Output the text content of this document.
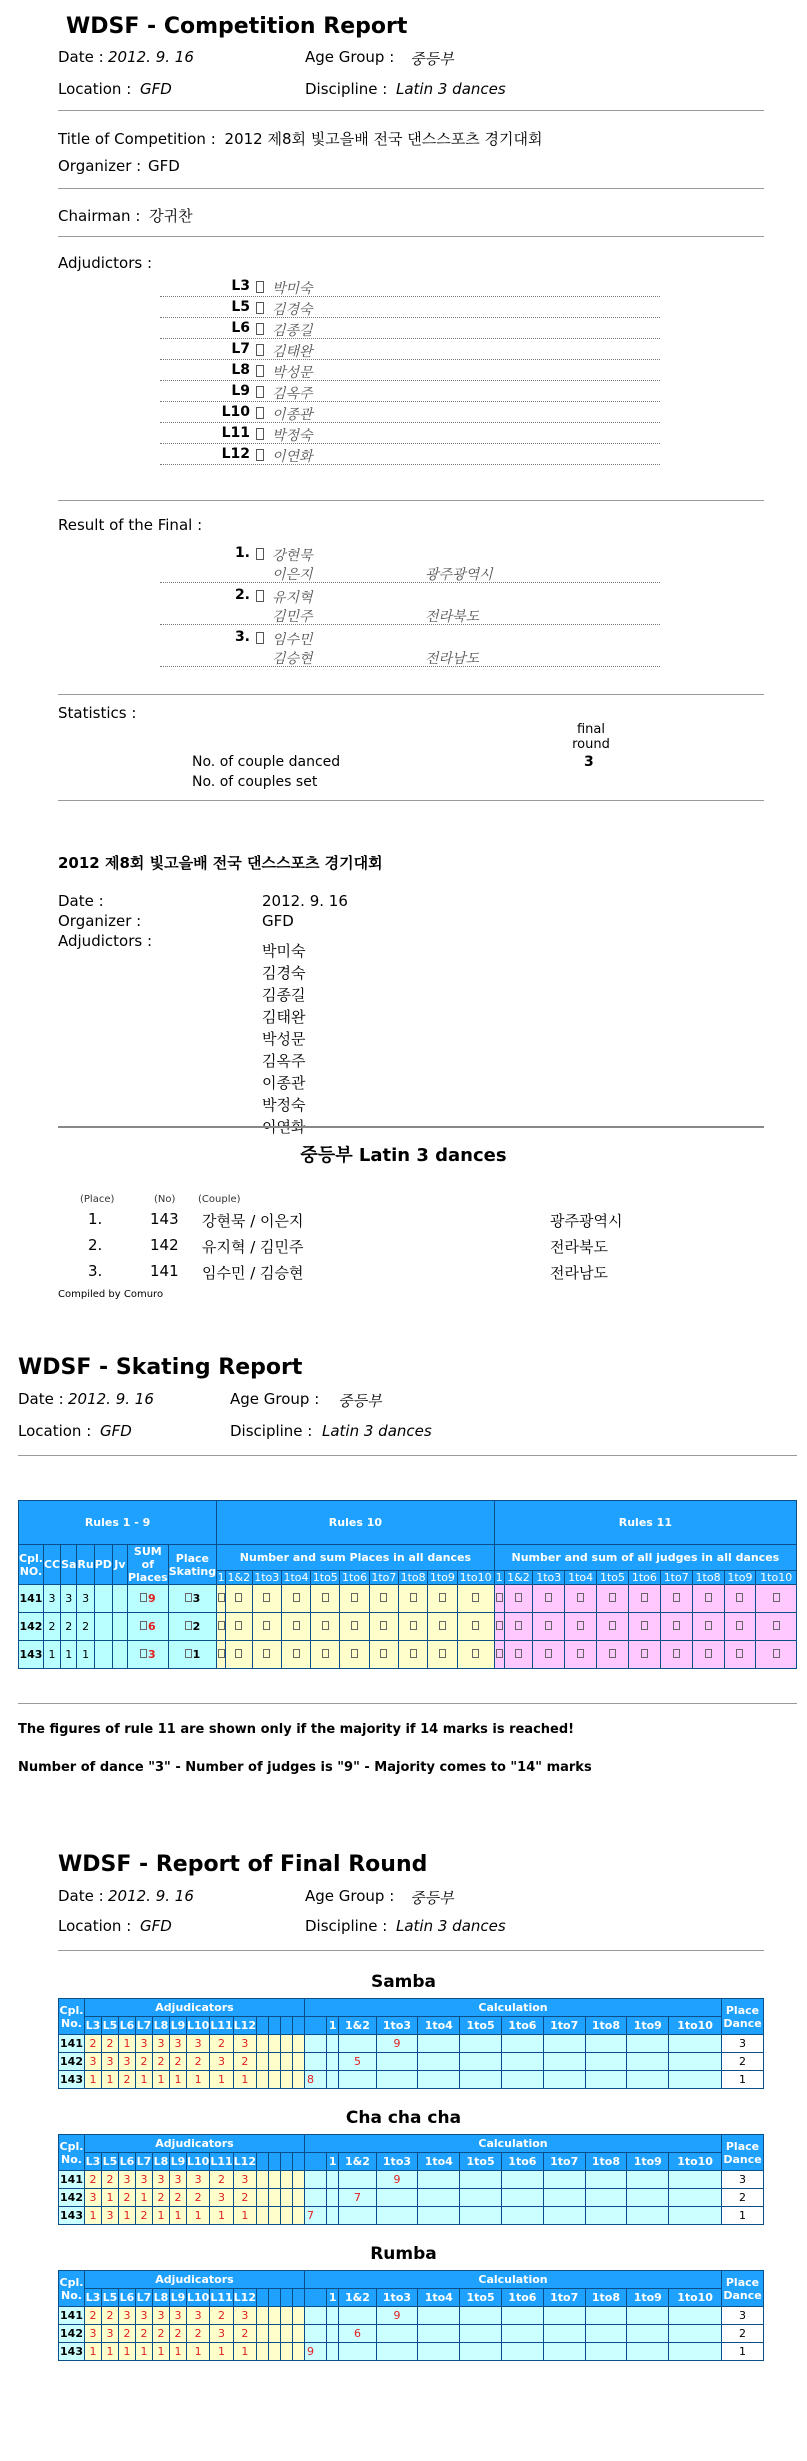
WDSF - Competition Report
Date : 2012. 9. 16	Age Group : 중등부
Location : GFD	Discipline : Latin 3 dances
Title of Competition : 2012 제8회 빛고을배 전국 댄스스포츠 경기대회
Organizer : GFD
Chairman : 강귀찬
Adjudictors :
L3 박미숙
L5 김경숙
L6 김종길
L7 김태완
L8 박성문
L9 김옥주
L10 이종관
L11 박정숙
L12 이연화
Result of the Final :
1. 강현묵
이은지	광주광역시
2. 유지혁
김민주	전라북도
3. 임수민
김승현	전라남도
Statistics :
final round
No. of couple danced	3
No. of couples set
2012 제8회 빛고을배 전국 댄스스포츠 경기대회
Date :	2012. 9. 16
Organizer :	GFD
Adjudictors :
박미숙
김경숙
김종길
김태완
박성문
김옥주
이종관
박정숙
이연화
중등부 Latin 3 dances
(Place)	(No) (Couple)
1.	143 강현묵 / 이은지	광주광역시
2.	142 유지혁 / 김민주	전라북도
3.	141 임수민 / 김승현	전라남도
Compiled by Comuro
WDSF - Skating Report
Date : 2012. 9. 16	Age Group : 중등부
Location : GFD	Discipline : Latin 3 dances
Rules 1 - 9								Rules 10										Rules 11									
Cpl. NO.	CC	Sa	Ru	PD	Jv	SUM of Places	Place Skating	Number and sum Places in all dances										Number and sum of all judges in all dances									
								1	1&2	1to3	1to4	1to5	1to6	1to7	1to8	1to9	1to10	1	1&2	1to3	1to4	1to5	1to6	1to7	1to8	1to9	1to10
141	3	3	3			9	3																				
142	2	2	2			6	2																				
143	1	1	1			3	1																				
The figures of rule 11 are shown only if the majority if 14 marks is reached!
Number of dance "3" - Number of judges is "9" - Majority comes to "14" marks
WDSF - Report of Final Round
Date : 2012. 9. 16	Age Group : 중등부
Location : GFD	Discipline : Latin 3 dances
Samba
Cpl. No.	Adjudicators													Calculation											Place Dance
	L3	L5	L6	L7	L8	L9	L10	L11	L12						1	1&2	1to3	1to4	1to5	1to6	1to7	1to8	1to9	1to10	
141	2	2	1	3	3	3	3	2	3								9								3
142	3	3	3	2	2	2	2	3	2							5									2
143	1	1	2	1	1	1	1	1	1					8											1
Cha cha cha
Cpl. No.	Adjudicators													Calculation											Place Dance
	L3	L5	L6	L7	L8	L9	L10	L11	L12						1	1&2	1to3	1to4	1to5	1to6	1to7	1to8	1to9	1to10	
141	2	2	3	3	3	3	3	2	3								9								3
142	3	1	2	1	2	2	2	3	2							7									2
143	1	3	1	2	1	1	1	1	1					7											1
Rumba
Cpl. No.	Adjudicators													Calculation											Place Dance
	L3	L5	L6	L7	L8	L9	L10	L11	L12						1	1&2	1to3	1to4	1to5	1to6	1to7	1to8	1to9	1to10	
141	2	2	3	3	3	3	3	2	3								9								3
142	3	3	2	2	2	2	2	3	2							6									2
143	1	1	1	1	1	1	1	1	1					9											1
